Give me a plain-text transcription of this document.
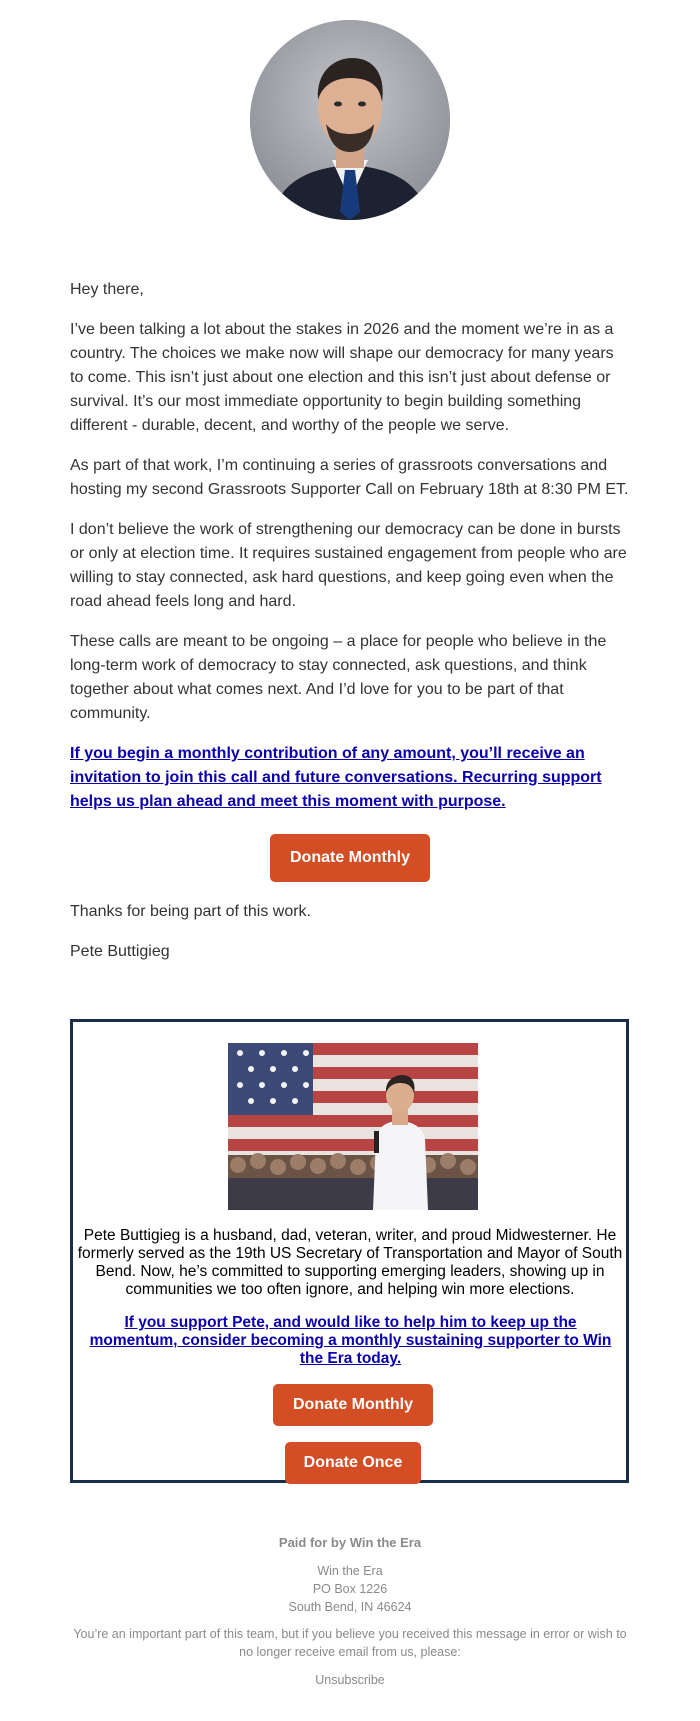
Hey there,

I’ve been talking a lot about the stakes in 2026 and the moment we’re in as a country. The choices we make now will shape our democracy for many years to come. This isn’t just about one election and this isn’t just about defense or survival. It’s our most immediate opportunity to begin building something different - durable, decent, and worthy of the people we serve.

As part of that work, I’m continuing a series of grassroots conversations and hosting my second Grassroots Supporter Call on February 18th at 8:30 PM ET.

I don’t believe the work of strengthening our democracy can be done in bursts or only at election time. It requires sustained engagement from people who are willing to stay connected, ask hard questions, and keep going even when the road ahead feels long and hard.

These calls are meant to be ongoing – a place for people who believe in the long-term work of democracy to stay connected, ask questions, and think together about what comes next. And I’d love for you to be part of that community.

If you begin a monthly contribution of any amount, you’ll receive an invitation to join this call and future conversations. Recurring support helps us plan ahead and meet this moment with purpose.

Donate Monthly

Thanks for being part of this work.

Pete Buttigieg

Pete Buttigieg is a husband, dad, veteran, writer, and proud Midwesterner. He formerly served as the 19th US Secretary of Transportation and Mayor of South Bend. Now, he’s committed to supporting emerging leaders, showing up in communities we too often ignore, and helping win more elections.
If you support Pete, and would like to help him to keep up the momentum, consider becoming a monthly sustaining supporter to Win the Era today.
Donate Monthly
Donate Once
Paid for by Win the Era
Win the Era
PO Box 1226
South Bend, IN 46624
You’re an important part of this team, but if you believe you received this message in error or wish to no longer receive email from us, please:
Unsubscribe
